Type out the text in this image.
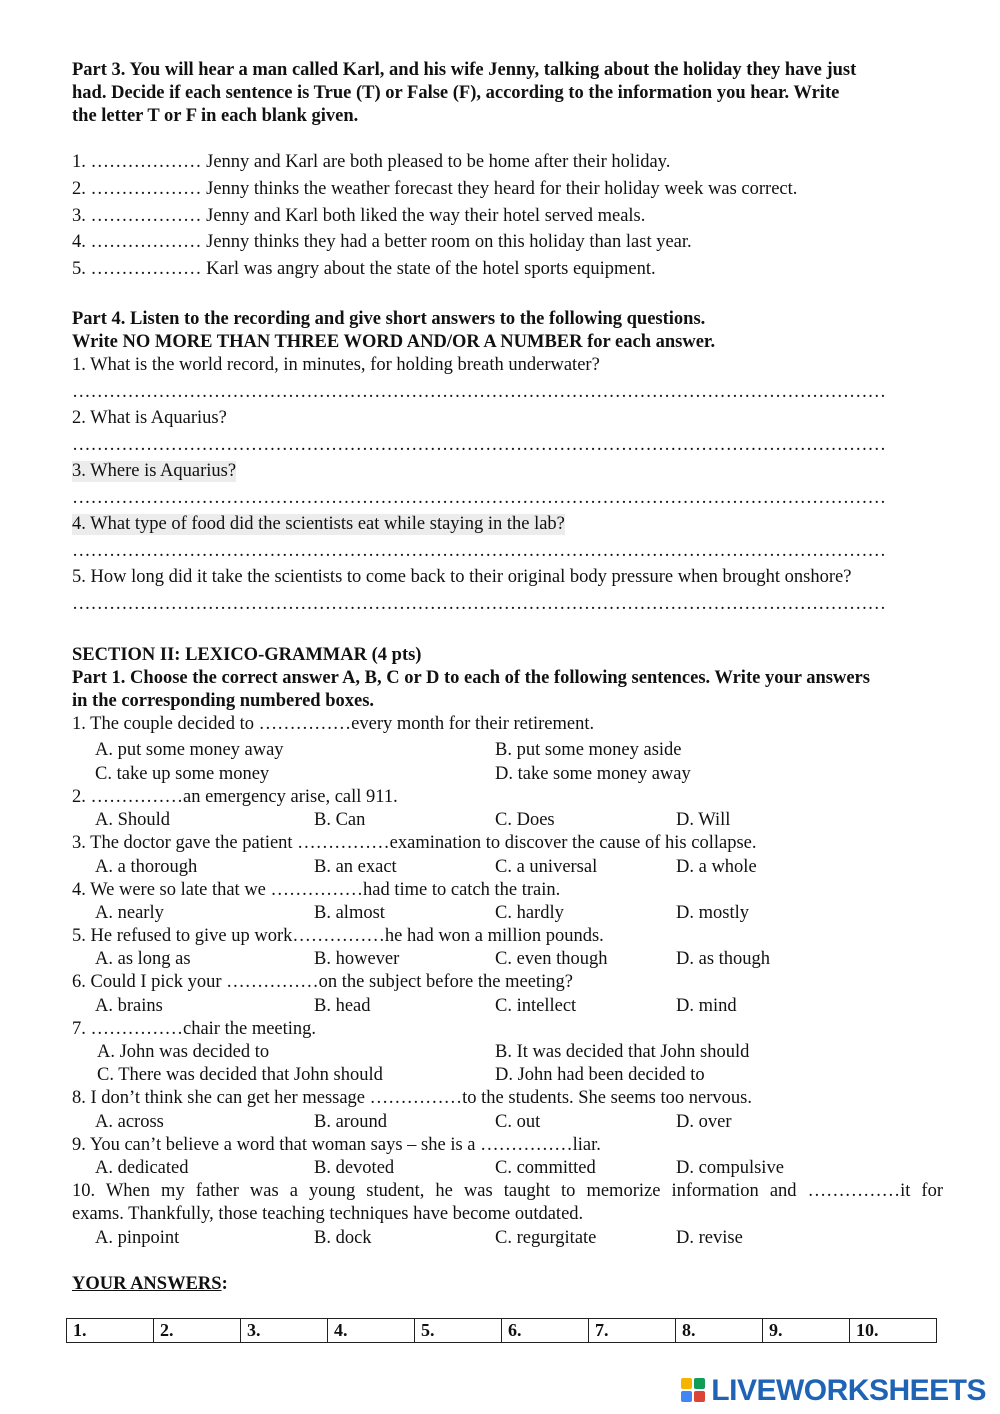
Part 3. You will hear a man called Karl, and his wife Jenny, talking about the holiday they have just
had. Decide if each sentence is True (T) or False (F), according to the information you hear. Write
the letter T or F in each blank given.
1. ……………… Jenny and Karl are both pleased to be home after their holiday.
2. ……………… Jenny thinks the weather forecast they heard for their holiday week was correct.
3. ……………… Jenny and Karl both liked the way their hotel served meals.
4. ……………… Jenny thinks they had a better room on this holiday than last year.
5. ……………… Karl was angry about the state of the hotel sports equipment.
Part 4. Listen to the recording and give short answers to the following questions.
Write NO MORE THAN THREE WORD AND/OR A NUMBER for each answer.
1. What is the world record, in minutes, for holding breath underwater?
……………………………………………………………………………………………………………………
2. What is Aquarius?
……………………………………………………………………………………………………………………
3. Where is Aquarius?
……………………………………………………………………………………………………………………
4. What type of food did the scientists eat while staying in the lab?
……………………………………………………………………………………………………………………
5. How long did it take the scientists to come back to their original body pressure when brought onshore?
……………………………………………………………………………………………………………………
SECTION II: LEXICO-GRAMMAR (4 pts)
Part 1. Choose the correct answer A, B, C or D to each of the following sentences. Write your answers
in the corresponding numbered boxes.
1. The couple decided to ……………every month for their retirement.
A. put some money away	B. put some money aside
C. take up some money	D. take some money away
2. ……………an emergency arise, call 911.
A. Should	B. Can	C. Does	D. Will
3. The doctor gave the patient ……………examination to discover the cause of his collapse.
A. a thorough	B. an exact	C. a universal	D. a whole
4. We were so late that we ……………had time to catch the train.
A. nearly	B. almost	C. hardly	D. mostly
5. He refused to give up work……………he had won a million pounds.
A. as long as	B. however	C. even though	D. as though
6. Could I pick your ……………on the subject before the meeting?
A. brains	B. head	C. intellect	D. mind
7. ……………chair the meeting.
A. John was decided to	B. It was decided that John should
C. There was decided that John should	D. John had been decided to
8. I don’t think she can get her message ……………to the students. She seems too nervous.
A. across	B. around	C. out	D. over
9. You can’t believe a word that woman says – she is a ……………liar.
A. dedicated	B. devoted	C. committed	D. compulsive
10. When my father was a young student, he was taught to memorize information and ……………it for
exams. Thankfully, those teaching techniques have become outdated.
A. pinpoint	B. dock	C. regurgitate	D. revise
YOUR ANSWERS:
1.	2.	3.	4.	5.	6.	7.	8.	9.	10.
LIVEWORKSHEETS
